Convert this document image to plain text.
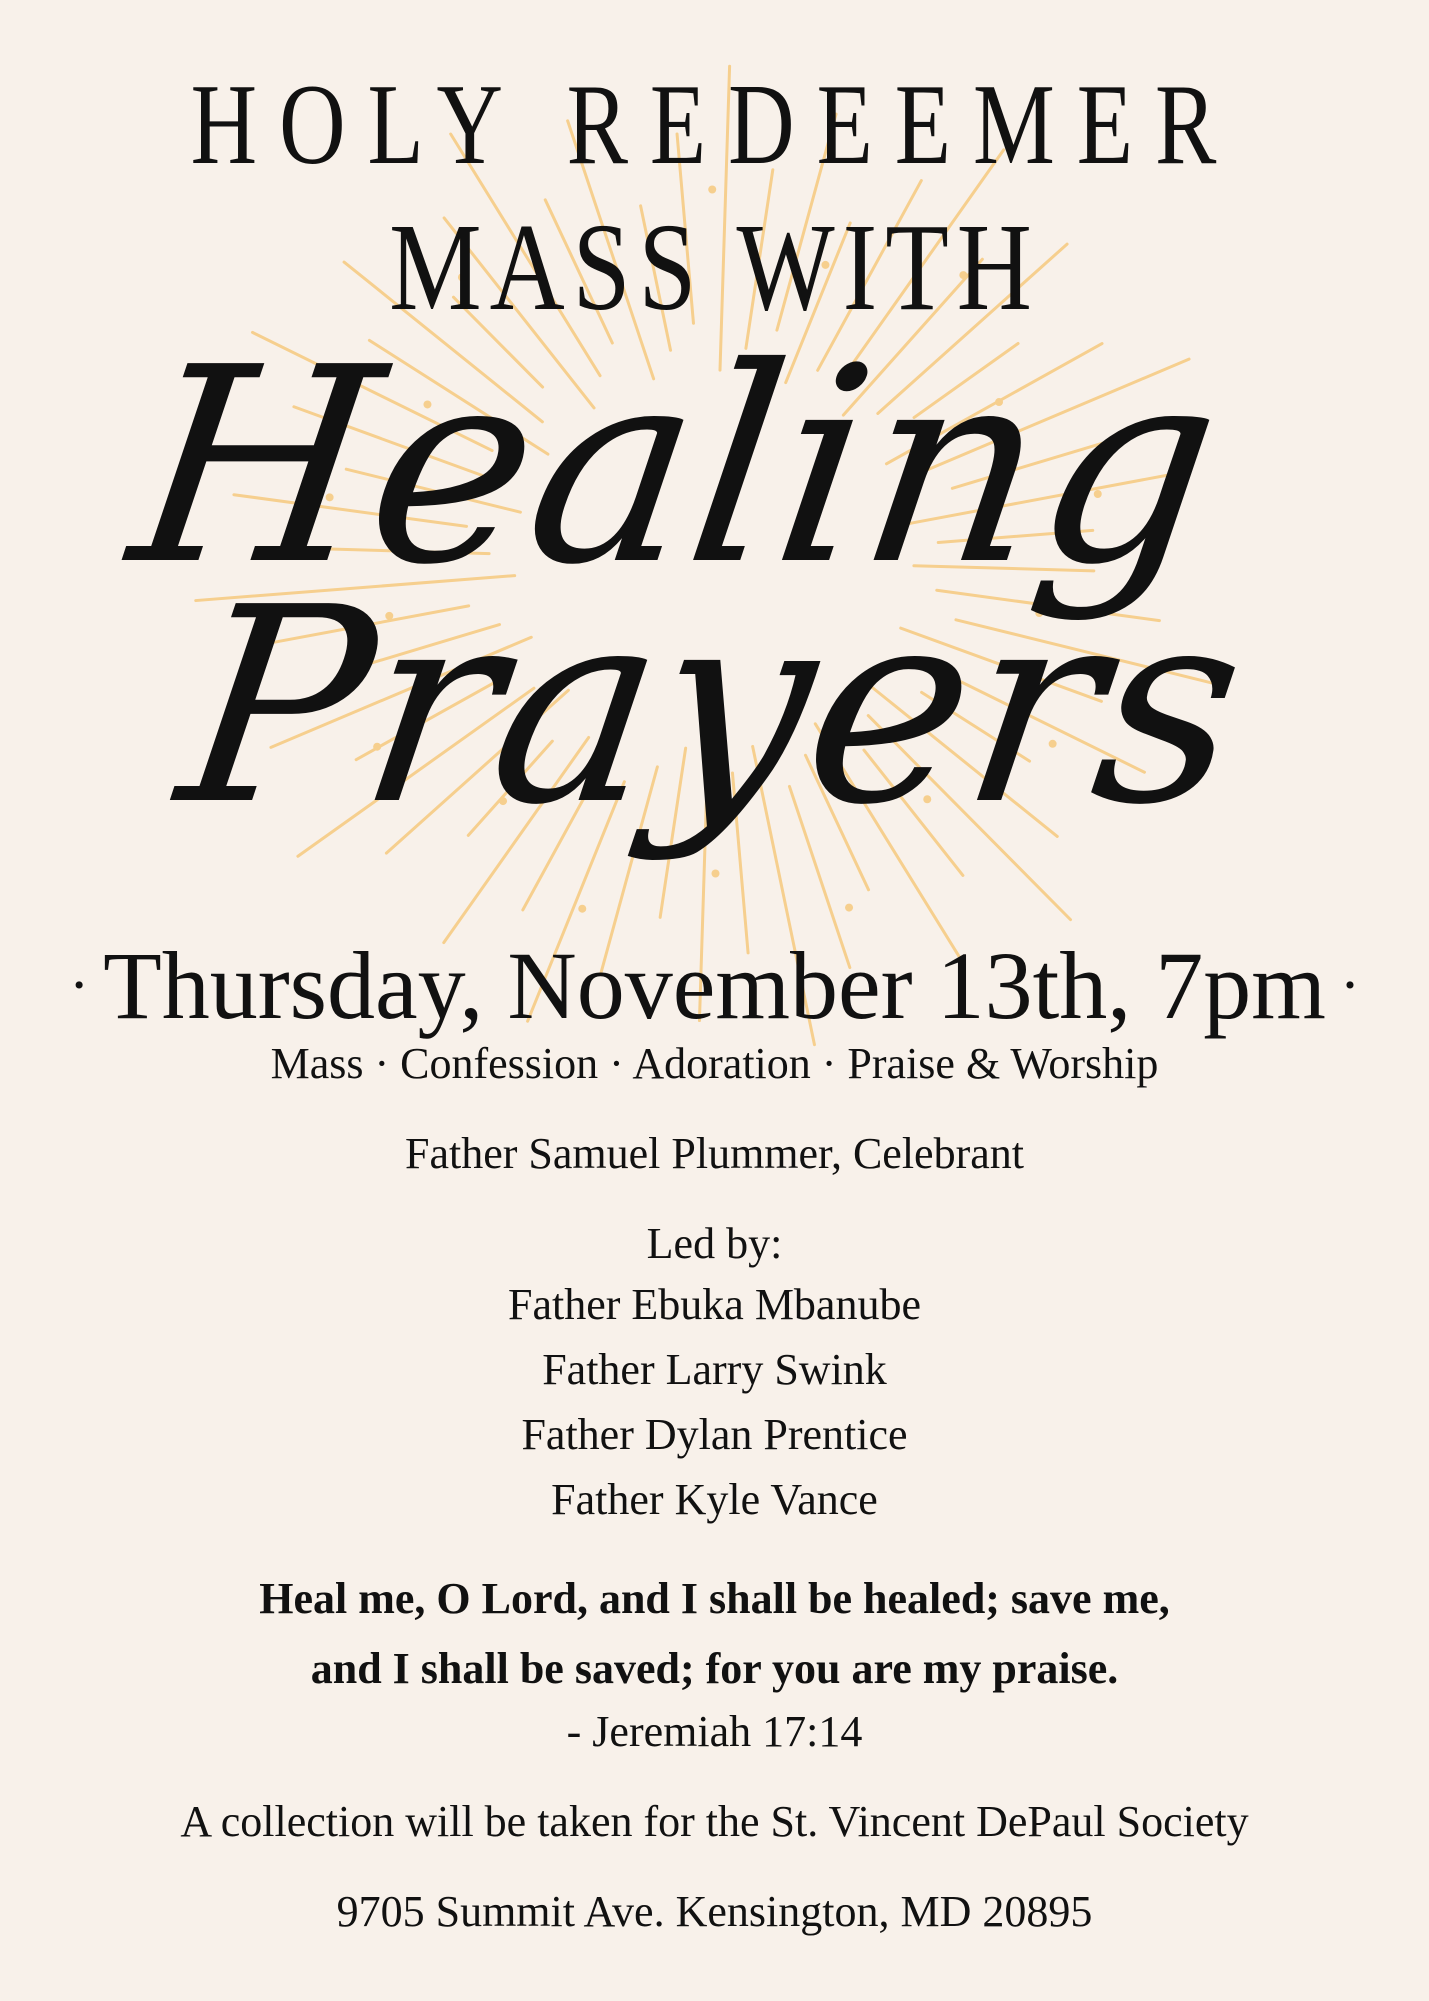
HOLY REDEEMER
MASS WITH
Healing
Prayers
· Thursday, November 13th, 7pm ·
Mass · Confession · Adoration · Praise & Worship
Father Samuel Plummer, Celebrant
Led by:
Father Ebuka Mbanube
Father Larry Swink
Father Dylan Prentice
Father Kyle Vance
Heal me, O Lord, and I shall be healed; save me,
and I shall be saved; for you are my praise.
- Jeremiah 17:14
A collection will be taken for the St. Vincent DePaul Society
9705 Summit Ave. Kensington, MD 20895
